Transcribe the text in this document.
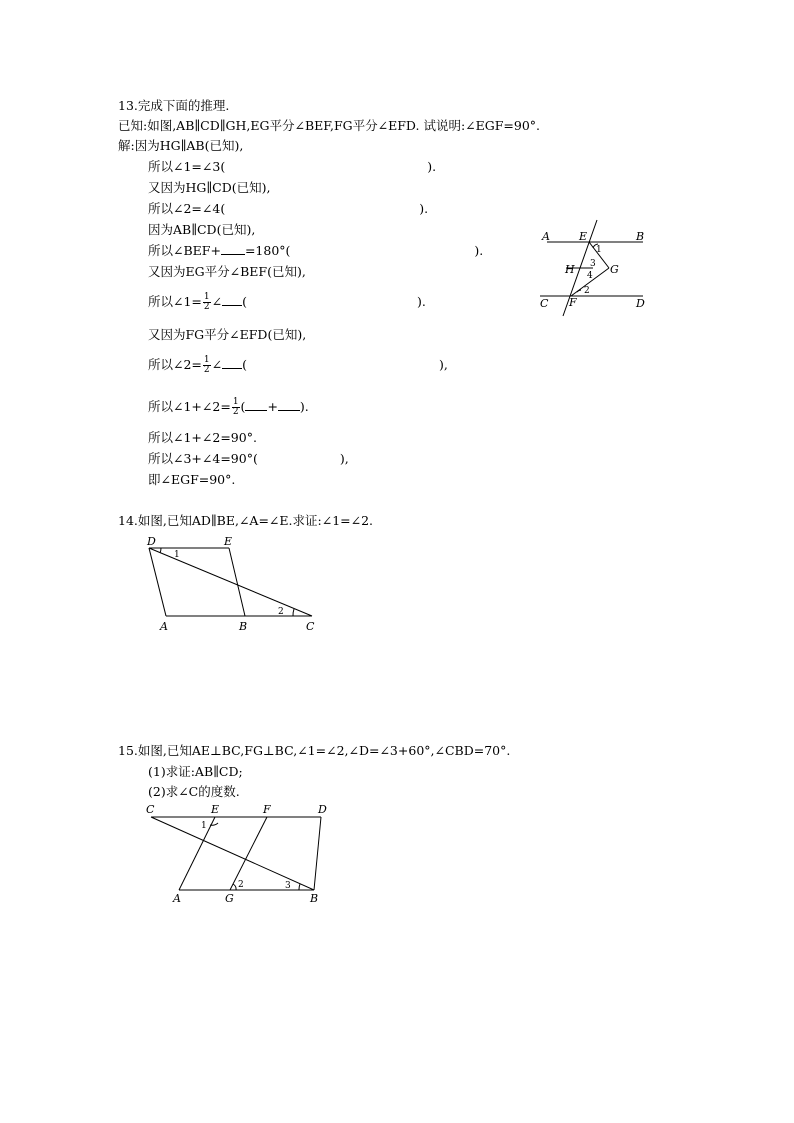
13.完成下面的推理.
已知:如图,AB∥CD∥GH,EG平分∠BEF,FG平分∠EFD. 试说明:∠EGF=90°.
解:因为HG∥AB(已知),
所以∠1=∠3(	).
又因为HG∥CD(已知),
所以∠2=∠4(	).
因为AB∥CD(已知),
所以∠BEF+ =180°(	).
又因为EG平分∠BEF(已知),
所以∠1= $\frac{1}{2}$ ∠ (	).
又因为FG平分∠EFD(已知),
所以∠2= $\frac{1}{2}$ ∠ (	),
所以∠1+∠2= $\frac{1}{2}$ ( + ).
所以∠1+∠2=90°.
所以∠3+∠4=90°(	),
即∠EGF=90°.
A	E	B
H	G
C F	D
1
3
4
2
14.如图,已知AD∥BE,∠A=∠E.求证:∠1=∠2.
D	E
A	B	C
1
2
15.如图,已知AE⊥BC,FG⊥BC,∠1=∠2,∠D=∠3+60°,∠CBD=70°.
(1)求证:AB∥CD;
(2)求∠C的度数.
C	E	F	D
A	G	B
1
2	3
